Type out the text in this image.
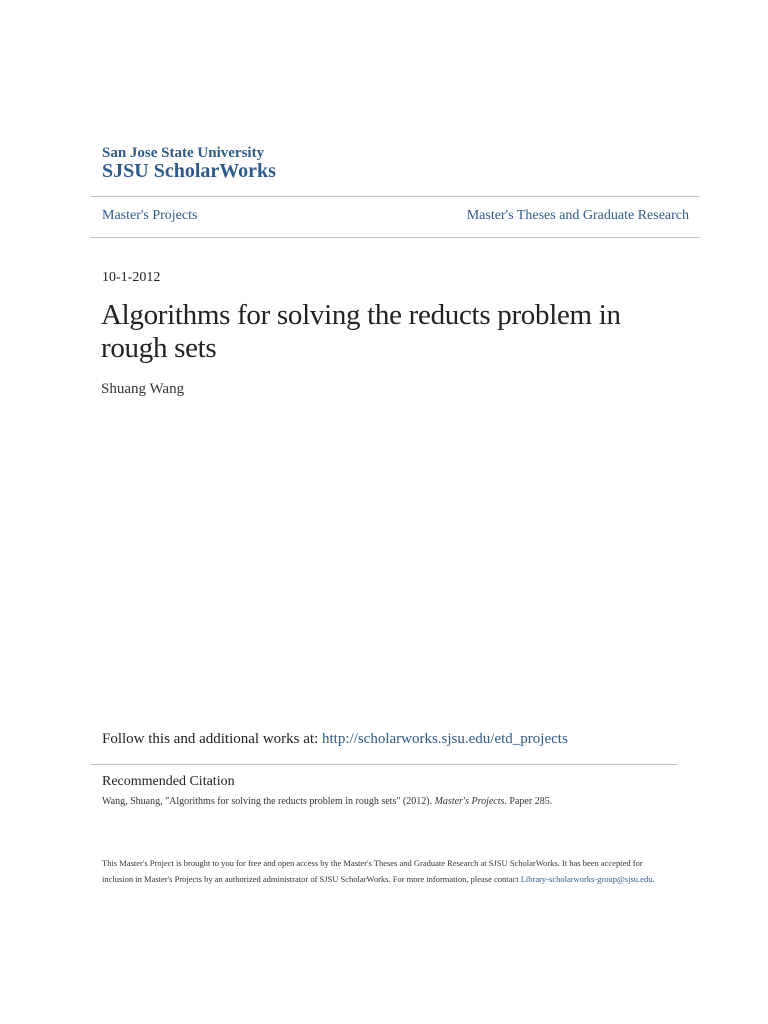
San Jose State University
SJSU ScholarWorks
Master's Projects	Master's Theses and Graduate Research
10-1-2012
Algorithms for solving the reducts problem in rough sets
Shuang Wang
Follow this and additional works at: http://scholarworks.sjsu.edu/etd_projects
Recommended Citation
Wang, Shuang, "Algorithms for solving the reducts problem in rough sets" (2012). Master's Projects. Paper 285.
This Master's Project is brought to you for free and open access by the Master's Theses and Graduate Research at SJSU ScholarWorks. It has been accepted for inclusion in Master's Projects by an authorized administrator of SJSU ScholarWorks. For more information, please contact Library-scholarworks-group@sjsu.edu.
